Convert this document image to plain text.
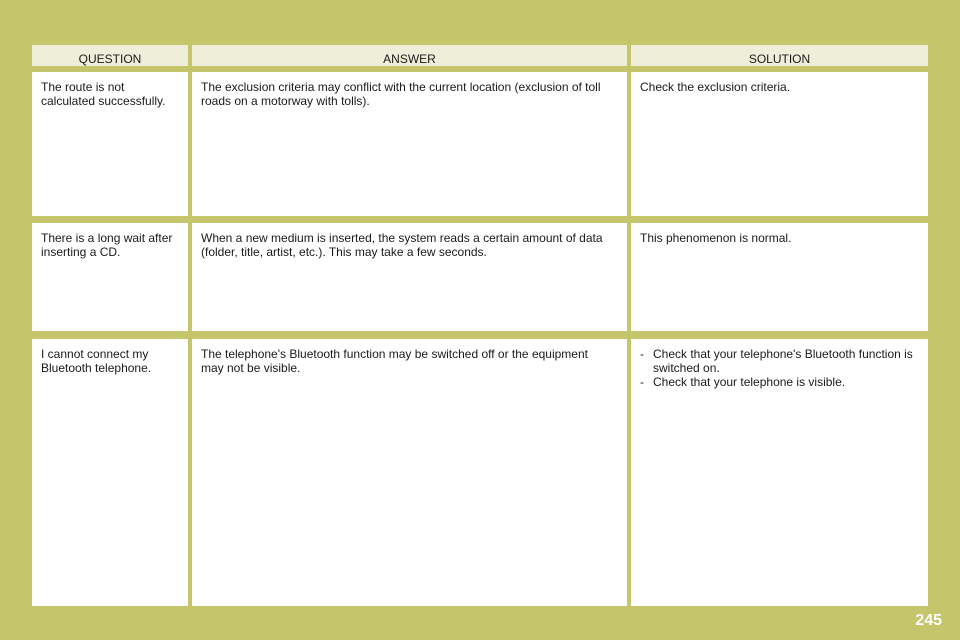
QUESTION	ANSWER	SOLUTION
The route is not calculated successfully.
The exclusion criteria may conflict with the current location (exclusion of toll roads on a motorway with tolls).
Check the exclusion criteria.
There is a long wait after inserting a CD.
When a new medium is inserted, the system reads a certain amount of data (folder, title, artist, etc.). This may take a few seconds.
This phenomenon is normal.
I cannot connect my Bluetooth telephone.
The telephone's Bluetooth function may be switched off or the equipment may not be visible.
- Check that your telephone's Bluetooth function is switched on.
- Check that your telephone is visible.
245
